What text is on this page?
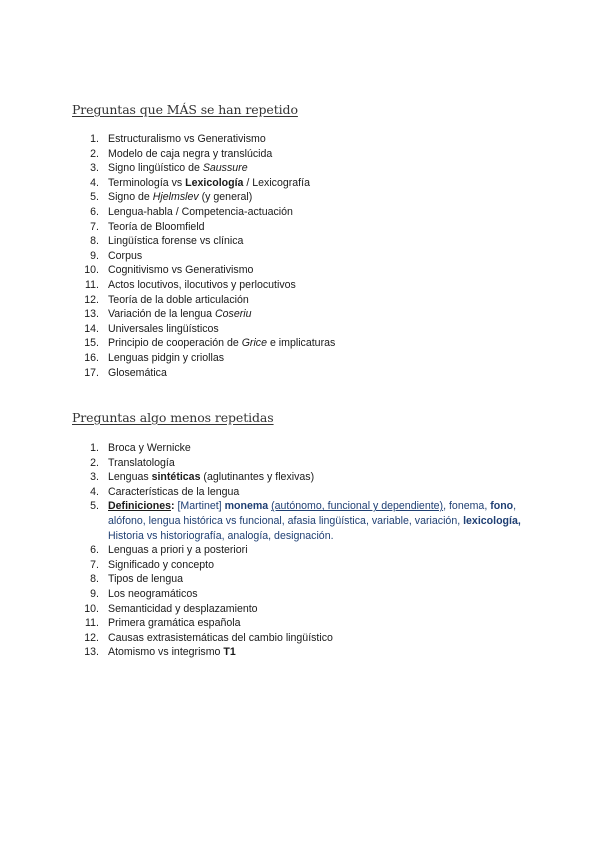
Preguntas que MÁS se han repetido
1. Estructuralismo vs Generativismo
2. Modelo de caja negra y translúcida
3. Signo lingüístico de Saussure
4. Terminología vs Lexicología / Lexicografía
5. Signo de Hjelmslev (y general)
6. Lengua-habla / Competencia-actuación
7. Teoría de Bloomfield
8. Lingüística forense vs clínica
9. Corpus
10. Cognitivismo vs Generativismo
11. Actos locutivos, ilocutivos y perlocutivos
12. Teoría de la doble articulación
13. Variación de la lengua Coseriu
14. Universales lingüísticos
15. Principio de cooperación de Grice e implicaturas
16. Lenguas pidgin y criollas
17. Glosemática
Preguntas algo menos repetidas
1. Broca y Wernicke
2. Translatología
3. Lenguas sintéticas (aglutinantes y flexivas)
4. Características de la lengua
5. Definiciones: [Martinet] monema (autónomo, funcional y dependiente), fonema, fono, alófono, lengua histórica vs funcional, afasia lingüística, variable, variación, lexicología, Historia vs historiografía, analogía, designación.
6. Lenguas a priori y a posteriori
7. Significado y concepto
8. Tipos de lengua
9. Los neogramáticos
10. Semanticidad y desplazamiento
11. Primera gramática española
12. Causas extrasistemáticas del cambio lingüístico
13. Atomismo vs integrismo T1
